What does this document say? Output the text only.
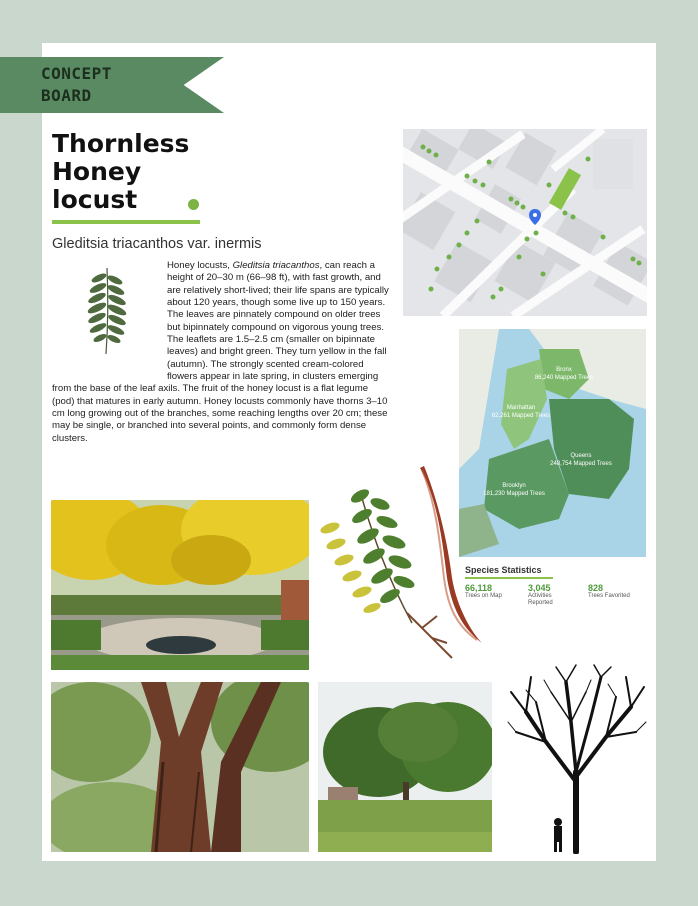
CONCEPT
BOARD
Thornless
Honey
locust

Gleditsia triacanthos var. inermis

Honey locusts, Gleditsia triacanthos, can reach a height of 20–30 m (66–98 ft), with fast growth, and are relatively short-lived; their life spans are typically about 120 years, though some live up to 150 years. The leaves are pinnately compound on older trees but bipinnately compound on vigorous young trees. The leaflets are 1.5–2.5 cm (smaller on bipinnate leaves) and bright green. They turn yellow in the fall (autumn). The strongly scented cream-colored flowers appear in late spring, in clusters emerging from the base of the leaf axils. The fruit of the honey locust is a flat legume (pod) that matures in early autumn. Honey locusts commonly have thorns 3–10 cm long growing out of the branches, some reaching lengths over 20 cm; these may be single, or branched into several points, and commonly form dense clusters.

Bronx
86,240 Mapped Trees
Manhattan
62,261 Mapped Trees
Queens
248,754 Mapped Trees
Brooklyn
181,230 Mapped Trees

Species Statistics

66,118
Trees on Map
3,045
Activities Reported
828
Trees Favorited
